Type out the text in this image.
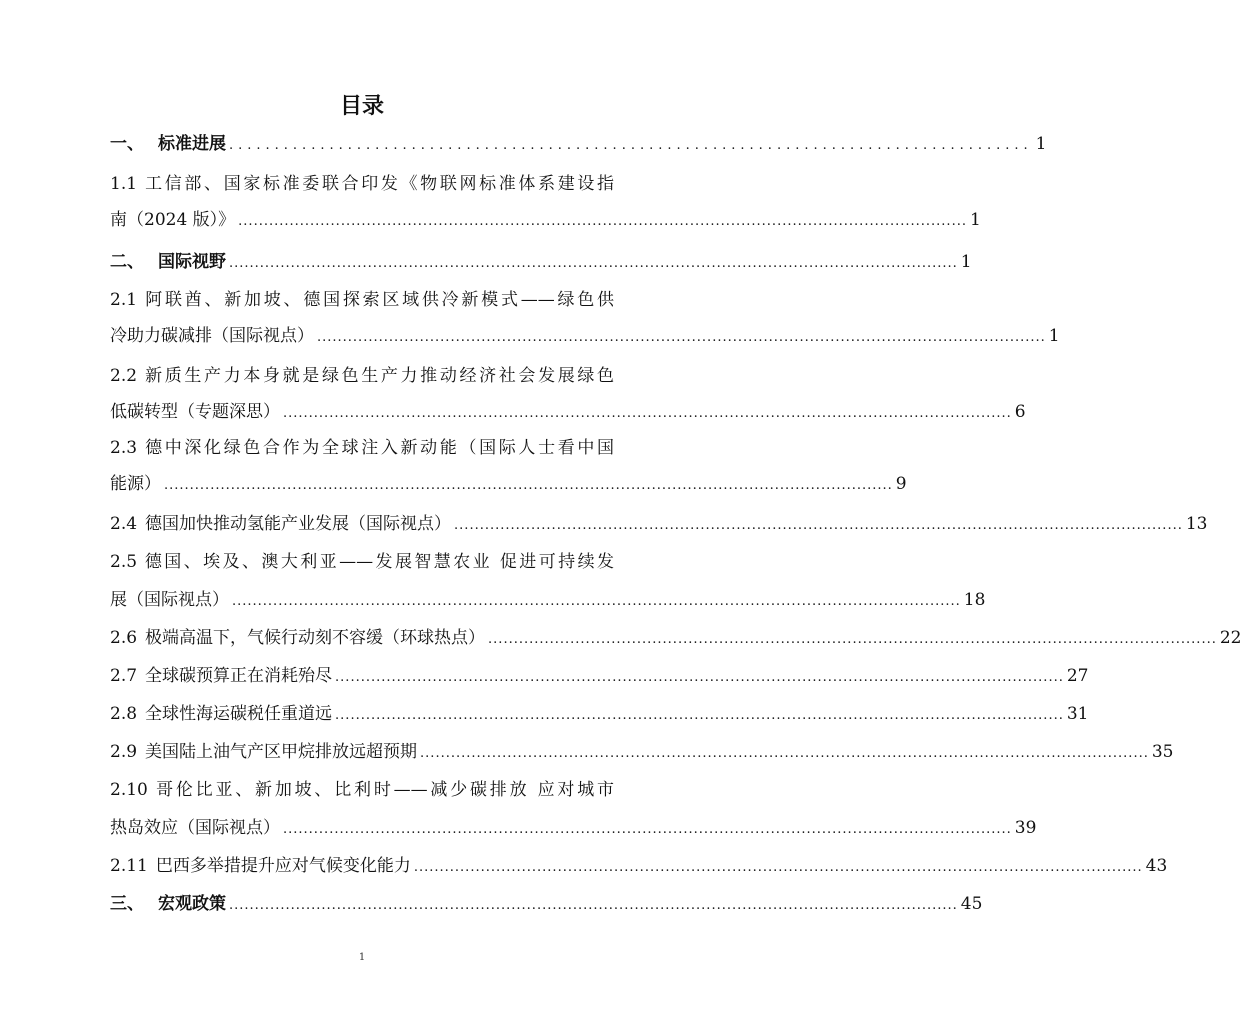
目录
一、 标准进展 ........................................................................................ 1
1.1 工信部、国家标准委联合印发《物联网标准体系建设指
南（2024 版）》 .............................................................................................................................................. 1
二、 国际视野 .............................................................................................................................................. 1
2.1 阿联酋、新加坡、德国探索区域供冷新模式——绿色供
冷助力碳减排（国际视点） .............................................................................................................................................. 1
2.2 新质生产力本身就是绿色生产力推动经济社会发展绿色
低碳转型（专题深思） .............................................................................................................................................. 6
2.3 德中深化绿色合作为全球注入新动能（国际人士看中国
能源） .............................................................................................................................................. 9
2.4 德国加快推动氢能产业发展（国际视点） .............................................................................................................................................. 13
2.5 德国、埃及、澳大利亚——发展智慧农业 促进可持续发
展（国际视点） .............................................................................................................................................. 18
2.6 极端高温下，气候行动刻不容缓（环球热点） .............................................................................................................................................. 22
2.7 全球碳预算正在消耗殆尽 .............................................................................................................................................. 27
2.8 全球性海运碳税任重道远 .............................................................................................................................................. 31
2.9 美国陆上油气产区甲烷排放远超预期 .............................................................................................................................................. 35
2.10 哥伦比亚、新加坡、比利时——减少碳排放 应对城市
热岛效应（国际视点） .............................................................................................................................................. 39
2.11 巴西多举措提升应对气候变化能力 .............................................................................................................................................. 43
三、 宏观政策 .............................................................................................................................................. 45
1
